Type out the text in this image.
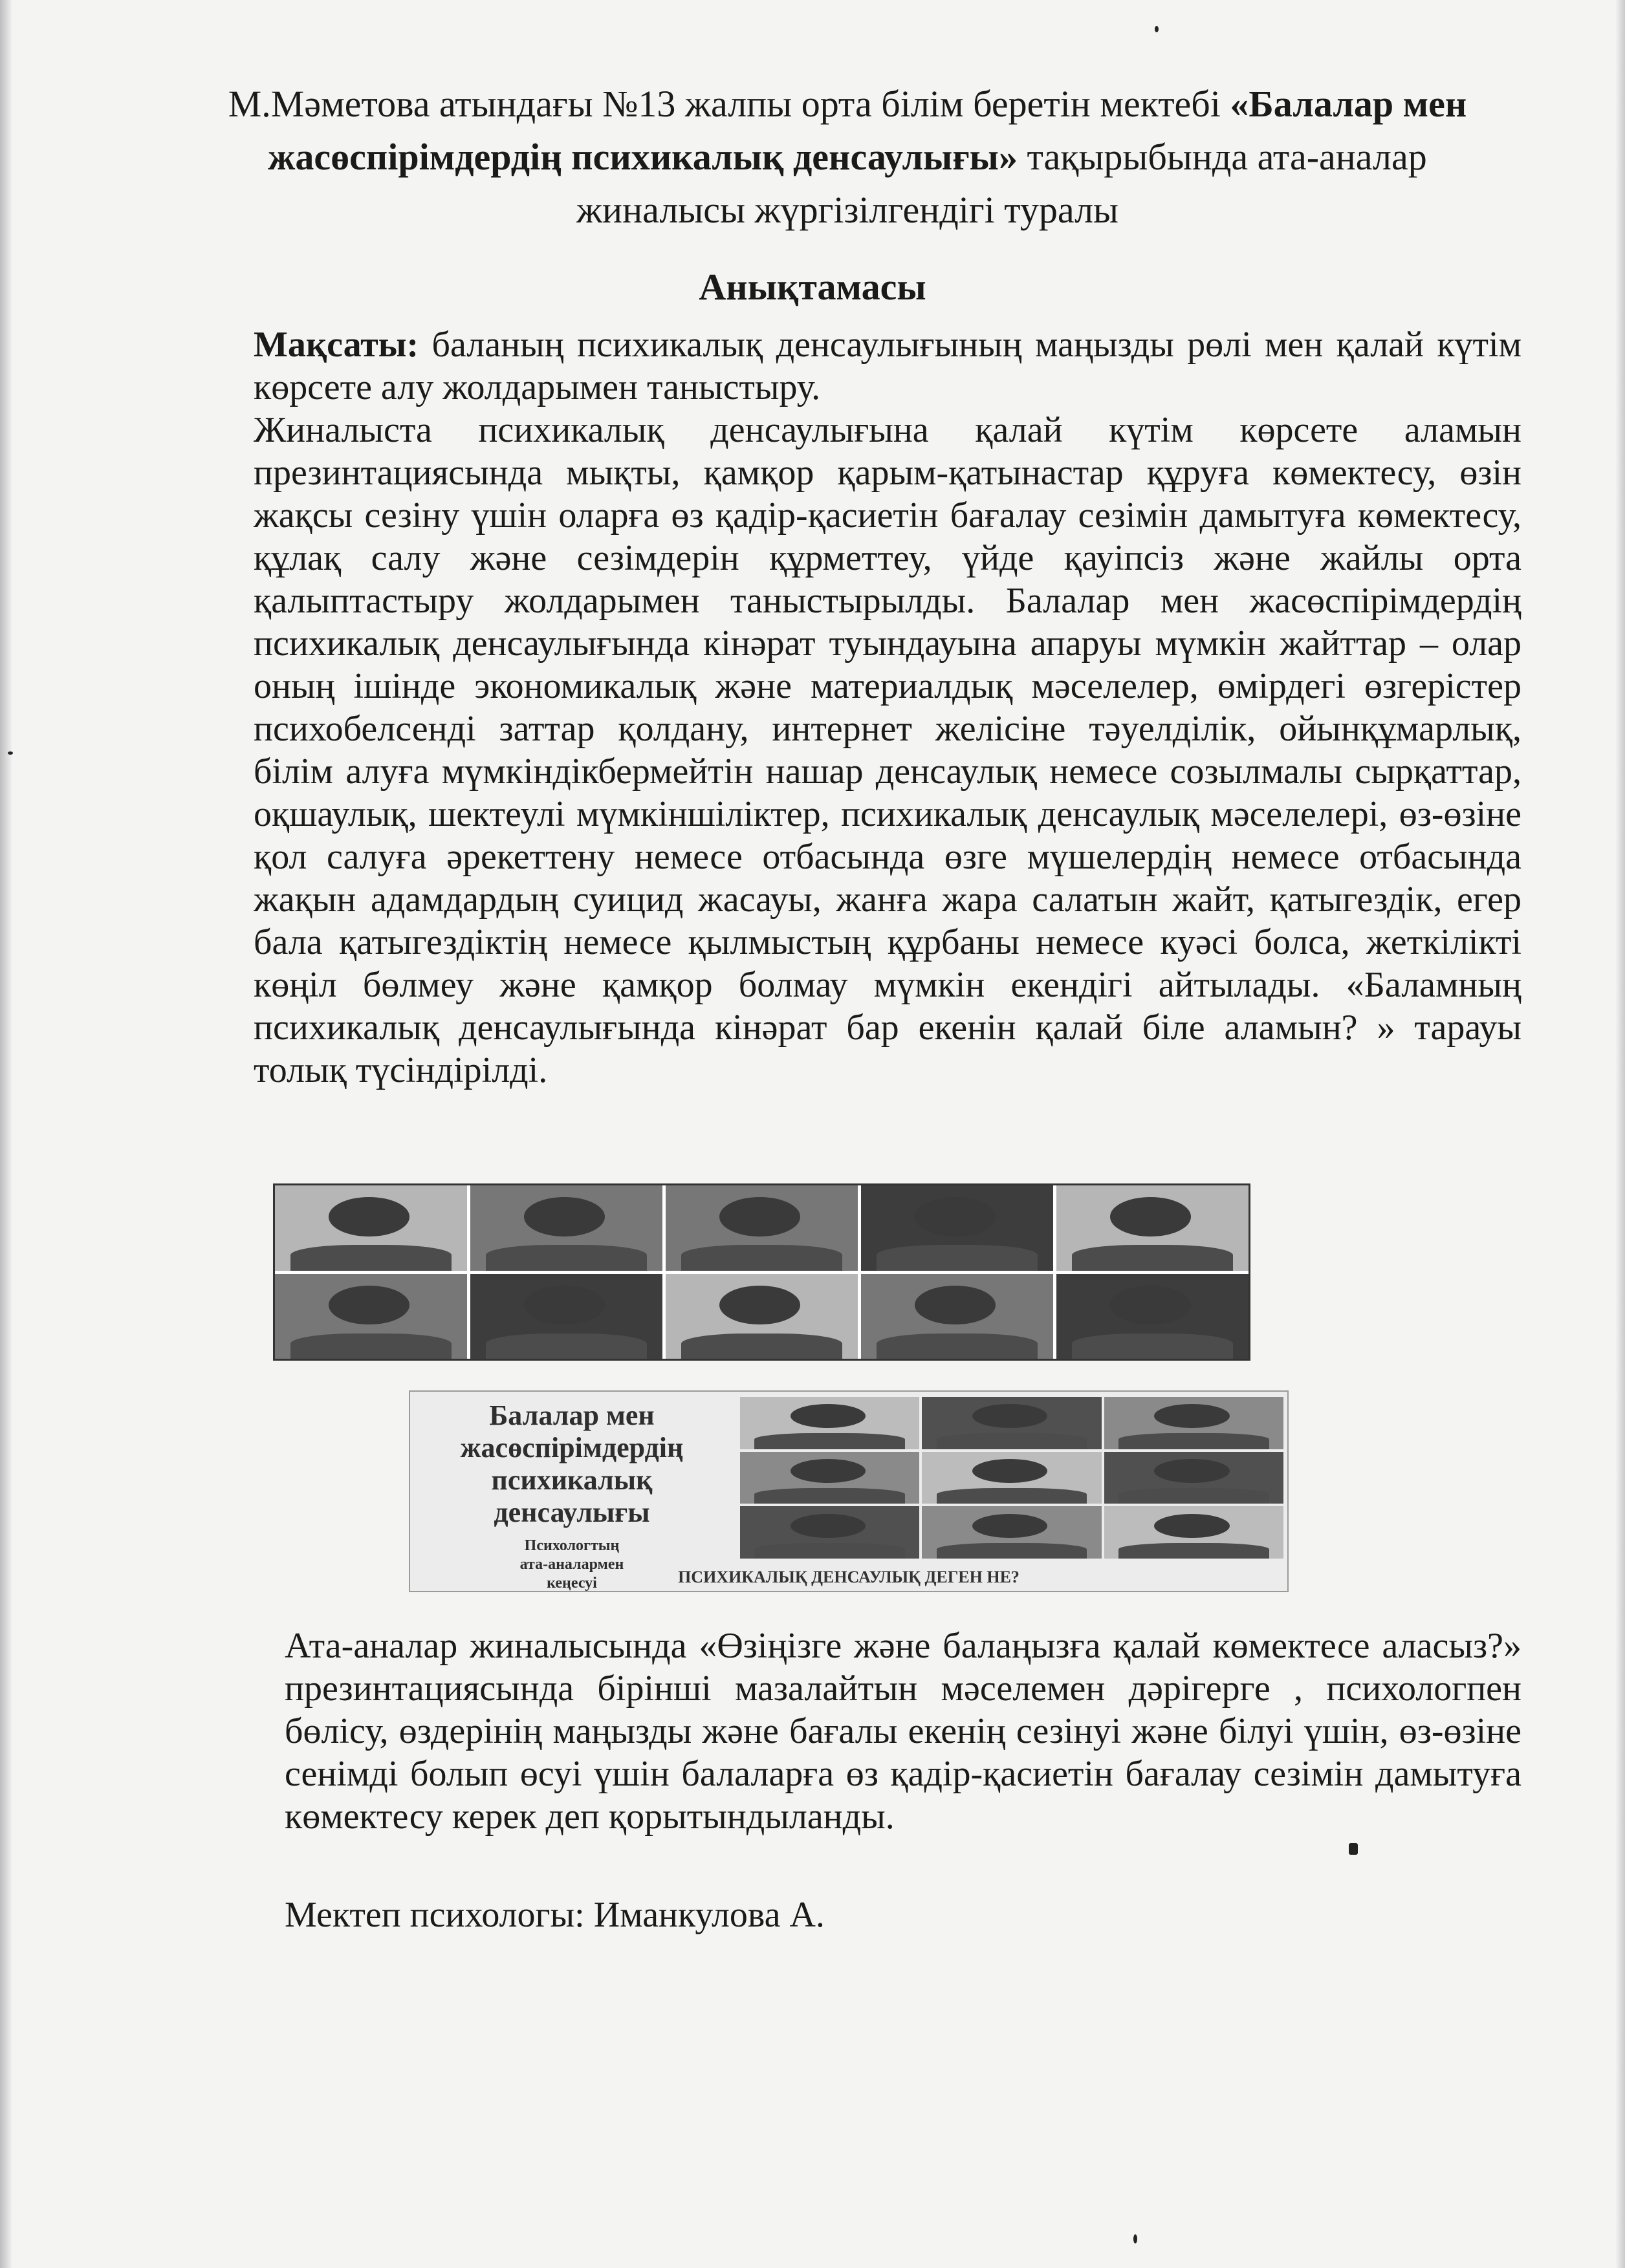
М.Мәметова атындағы №13 жалпы орта білім беретін мектебі «Балалар мен
жасөспірімдердің психикалық денсаулығы» тақырыбында ата-аналар
жиналысы жүргізілгендігі туралы
Анықтамасы

Мақсаты: баланың психикалық денсаулығының маңызды рөлі мен қалай күтім көрсете алу жолдарымен таныстыру.

Жиналыста психикалық денсаулығына қалай күтім көрсете аламын презинтациясында мықты, қамқор қарым-қатынастар құруға көмектесу, өзін жақсы сезіну үшін оларға өз қадір-қасиетін бағалау сезімін дамытуға көмектесу, құлақ салу және сезімдерін құрметтеу, үйде қауіпсіз және жайлы орта қалыптастыру жолдарымен таныстырылды. Балалар мен жасөспірімдердің психикалық денсаулығында кінәрат туындауына апаруы мүмкін жайттар – олар оның ішінде экономикалық және материалдық мәселелер, өмірдегі өзгерістер психобелсенді заттар қолдану, интернет желісіне тәуелділік, ойынқұмарлық, білім алуға мүмкіндікбермейтін нашар денсаулық немесе созылмалы сырқаттар, оқшаулық, шектеулі мүмкіншіліктер, психикалық денсаулық мәселелері, өз-өзіне қол салуға әрекеттену немесе отбасында өзге мүшелердің немесе отбасында жақын адамдардың суицид жасауы, жанға жара салатын жайт, қатыгездік, егер бала қатыгездіктің немесе қылмыстың құрбаны немесе куәсі болса, жеткілікті көңіл бөлмеу және қамқор болмау мүмкін екендігі айтылады. «Баламның психикалық денсаулығында кінәрат бар екенін қалай біле аламын? » тарауы толық түсіндірілді.

Балалар мен
жасөспірімдердің
психикалық
денсаулығы
Психологтың
ата-аналармен
кеңесуі	ПСИХИКАЛЫҚ ДЕНСАУЛЫҚ ДЕГЕН НЕ?

Ата-аналар жиналысында «Өзіңізге және балаңызға қалай көмектесе аласыз?» презинтациясында бірінші мазалайтын мәселемен дәрігерге , психологпен бөлісу, өздерінің маңызды және бағалы екенің сезінуі және білуі үшін, өз-өзіне сенімді болып өсуі үшін балаларға өз қадір-қасиетін бағалау сезімін дамытуға көмектесу керек деп қорытындыланды.

Мектеп психологы: Иманкулова А.
